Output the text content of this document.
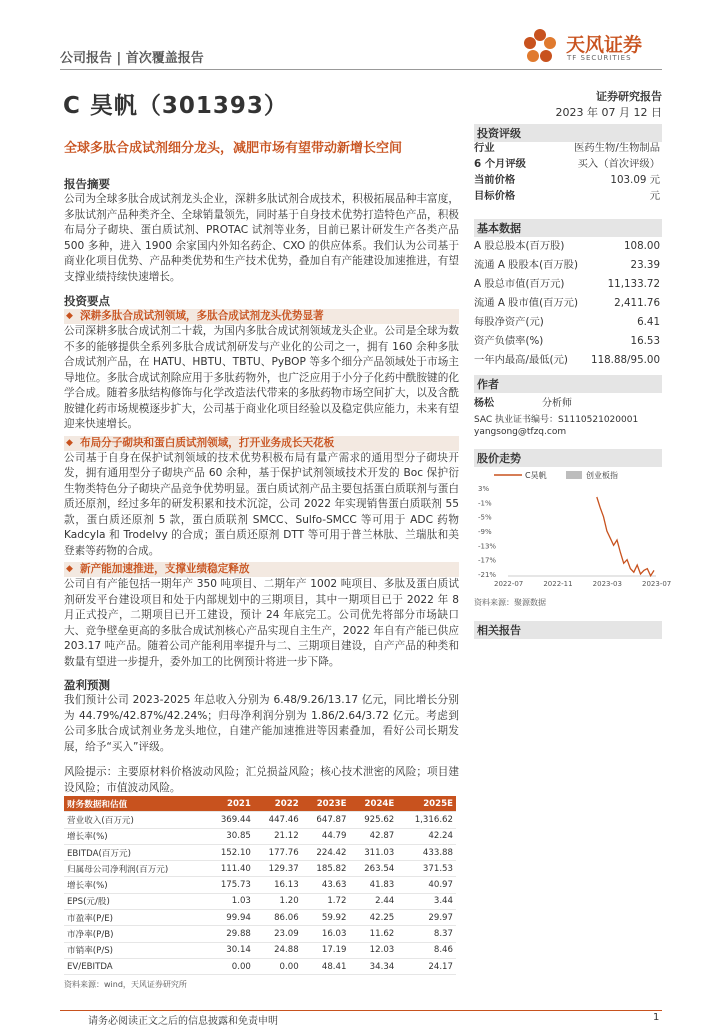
公司报告 | 首次覆盖报告
天风证券
TF SECURITIES
C 昊帆（301393）	证券研究报告
2023 年 07 月 12 日
全球多肽合成试剂细分龙头，减肥市场有望带动新增长空间
报告摘要
公司为全球多肽合成试剂龙头企业，深耕多肽试剂合成技术，积极拓展品种丰富度，多肽试剂产品种类齐全、全球销量领先，同时基于自身技术优势打造特色产品，积极布局分子砌块、蛋白质试剂、PROTAC 试剂等业务，目前已累计研发生产各类产品 500 多种，进入 1900 余家国内外知名药企、CXO 的供应体系。我们认为公司基于商业化项目优势、产品种类优势和生产技术优势，叠加自有产能建设加速推进，有望支撑业绩持续快速增长。
投资要点
◆ 深耕多肽合成试剂领域，多肽合成试剂龙头优势显著
公司深耕多肽合成试剂二十载，为国内多肽合成试剂领域龙头企业。公司是全球为数不多的能够提供全系列多肽合成试剂研发与产业化的公司之一，拥有 160 余种多肽合成试剂产品，在 HATU、HBTU、TBTU、PyBOP 等多个细分产品领域处于市场主导地位。多肽合成试剂除应用于多肽药物外，也广泛应用于小分子化药中酰胺键的化学合成。随着多肽结构修饰与化学改造法代带来的多肽药物市场空间扩大，以及含酰胺键化药市场规模逐步扩大，公司基于商业化项目经验以及稳定供应能力，未来有望迎来快速增长。
◆ 布局分子砌块和蛋白质试剂领域，打开业务成长天花板
公司基于自身在保护试剂领域的技术优势积极布局有量产需求的通用型分子砌块开发，拥有通用型分子砌块产品 60 余种，基于保护试剂领域技术开发的 Boc 保护衍生物类特色分子砌块产品竞争优势明显。蛋白质试剂产品主要包括蛋白质联剂与蛋白质还原剂，经过多年的研发积累和技术沉淀，公司 2022 年实现销售蛋白质联剂 55 款，蛋白质还原剂 5 款，蛋白质联剂 SMCC、Sulfo-SMCC 等可用于 ADC 药物 Kadcyla 和 Trodelvy 的合成；蛋白质还原剂 DTT 等可用于普兰林肽、兰瑞肽和美登素等药物的合成。
◆ 新产能加速推进，支撑业绩稳定释放
公司自有产能包括一期年产 350 吨项目、二期年产 1002 吨项目、多肽及蛋白质试剂研发平台建设项目和处于内部规划中的三期项目，其中一期项目已于 2022 年 8 月正式投产，二期项目已开工建设，预计 24 年底完工。公司优先将部分市场缺口大、竞争壁垒更高的多肽合成试剂核心产品实现自主生产，2022 年自有产能已供应 203.17 吨产品。随着公司产能利用率提升与二、三期项目建设，自产产品的种类和数量有望进一步提升，委外加工的比例预计将进一步下降。
盈利预测
我们预计公司 2023-2025 年总收入分别为 6.48/9.26/13.17 亿元，同比增长分别为 44.79%/42.87%/42.24%；归母净利润分别为 1.86/2.64/3.72 亿元。考虑到公司多肽合成试剂业务龙头地位，自建产能加速推进等因素叠加，看好公司长期发展，给予“买入”评级。
风险提示：主要原材料价格波动风险；汇兑损益风险；核心技术泄密的风险；项目建设风险；市值波动风险。
财务数据和估值	2021	2022	2023E	2024E	2025E
营业收入(百万元)	369.44	447.46	647.87	925.62	1,316.62
增长率(%)	30.85	21.12	44.79	42.87	42.24
EBITDA(百万元)	152.10	177.76	224.42	311.03	433.88
归属母公司净利润(百万元)	111.40	129.37	185.82	263.54	371.53
增长率(%)	175.73	16.13	43.63	41.83	40.97
EPS(元/股)	1.03	1.20	1.72	2.44	3.44
市盈率(P/E)	99.94	86.06	59.92	42.25	29.97
市净率(P/B)	29.88	23.09	16.03	11.62	8.37
市销率(P/S)	30.14	24.88	17.19	12.03	8.46
EV/EBITDA	0.00	0.00	48.41	34.34	24.17
资料来源：wind，天风证券研究所
投资评级
行业	医药生物/生物制品
6 个月评级	买入（首次评级）
当前价格	103.09 元
目标价格	元
基本数据
A 股总股本(百万股)	108.00
流通 A 股股本(百万股)	23.39
A 股总市值(百万元)	11,133.72
流通 A 股市值(百万元)	2,411.76
每股净资产(元)	6.41
资产负债率(%)	16.53
一年内最高/最低(元) 118.88/95.00
作者
杨松	分析师
SAC 执业证书编号：S1110521020001
yangsong@tfzq.com
股价走势
C昊帆	创业板指
3%
-1%
-5%
-9%
-13%
-17%
-21%
2022-07	2022-11	2023-03	2023-07
资料来源：聚源数据
相关报告
请务必阅读正文之后的信息披露和免责申明	1
